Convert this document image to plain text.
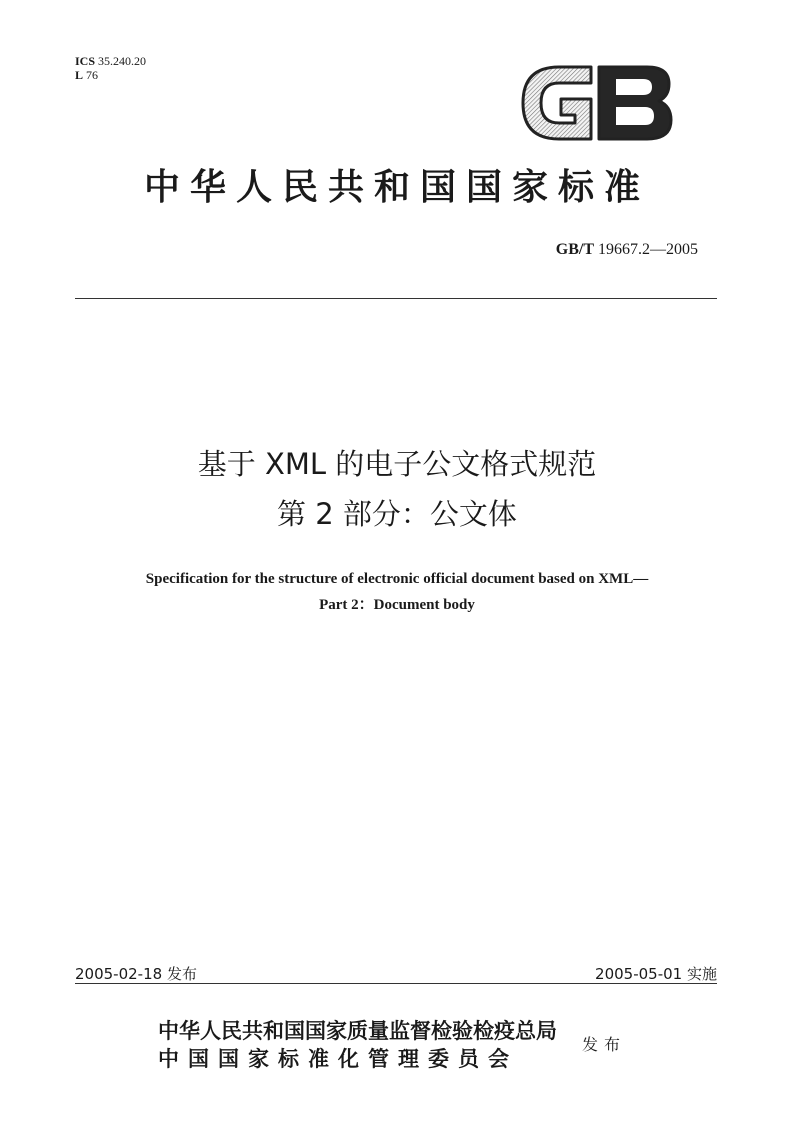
ICS 35.240.20
L 76
中华人民共和国国家标准
GB/T 19667.2—2005
基于 XML 的电子公文格式规范
第 2 部分：公文体
Specification for the structure of electronic official document based on XML—
Part 2：Document body
2005-02-18 发布	2005-05-01 实施
中华人民共和国国家质量监督检验检疫总局
中国国家标准化管理委员会
发布
